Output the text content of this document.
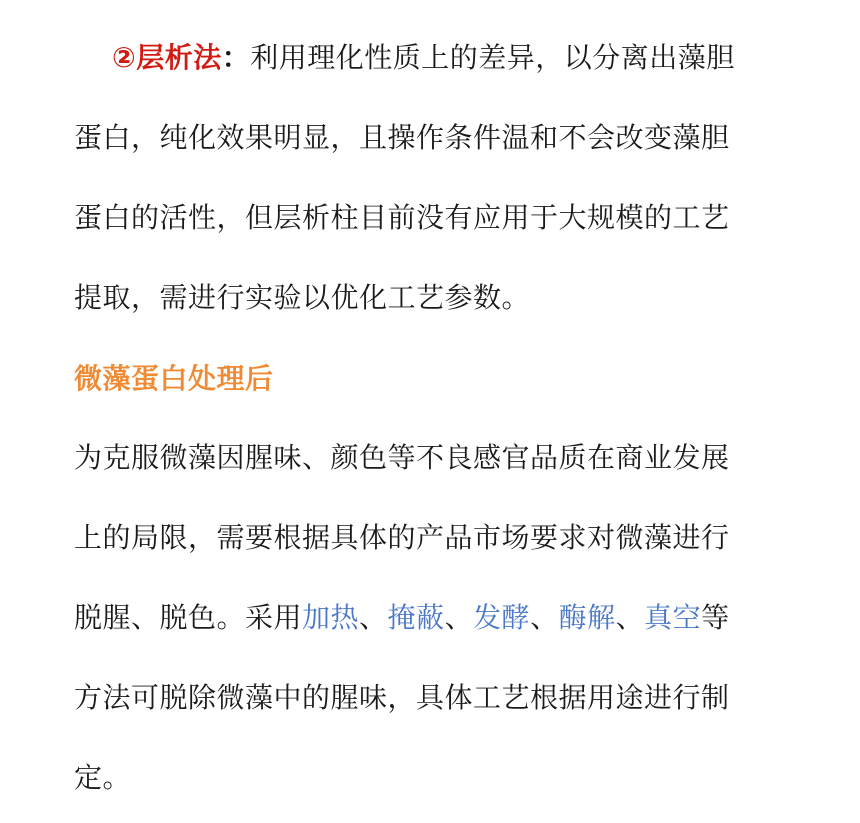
②层析法：利用理化性质上的差异，以分离出藻胆
蛋白，纯化效果明显，且操作条件温和不会改变藻胆
蛋白的活性，但层析柱目前没有应用于大规模的工艺
提取，需进行实验以优化工艺参数。
微藻蛋白处理后
为克服微藻因腥味、颜色等不良感官品质在商业发展
上的局限，需要根据具体的产品市场要求对微藻进行
脱腥、脱色。采用加热、掩蔽、发酵、酶解、真空等
方法可脱除微藻中的腥味，具体工艺根据用途进行制
定。
